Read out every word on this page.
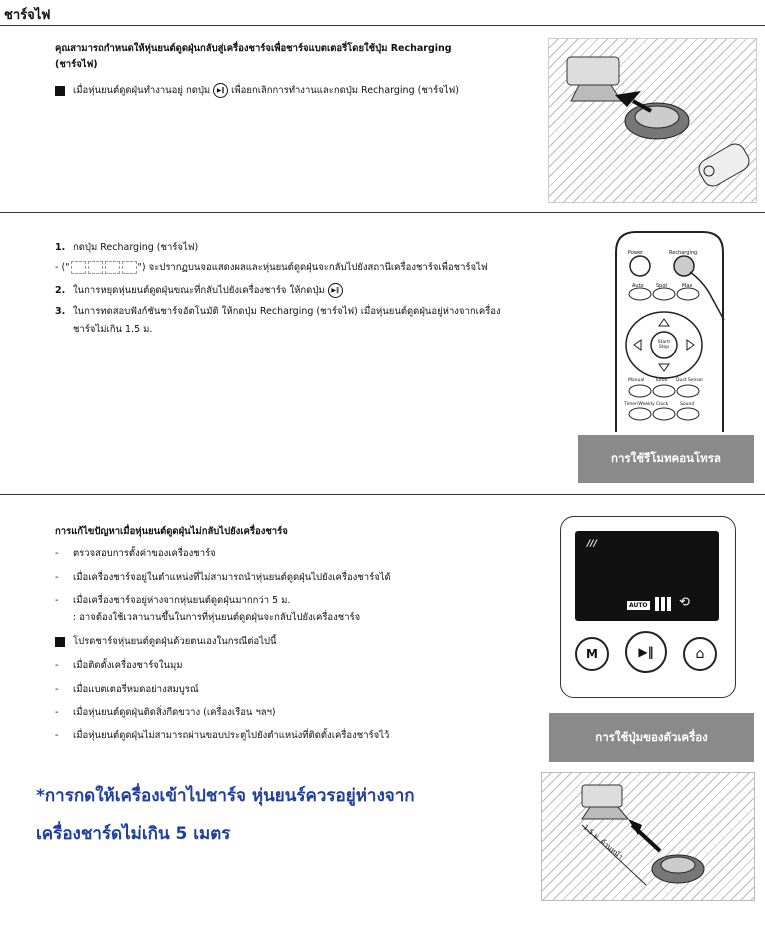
ชาร์จไฟ
คุณสามารถกำหนดให้หุ่นยนต์ดูดฝุ่นกลับสู่เครื่องชาร์จเพื่อชาร์จแบตเตอรี่โดยใช้ปุ่ม Recharging
(ชาร์จไฟ)
เมื่อหุ่นยนต์ดูดฝุ่นทำงานอยู่ กดปุ่ม ▶‖ เพื่อยกเลิกการทำงานและกดปุ่ม Recharging (ชาร์จไฟ)
1. กดปุ่ม Recharging (ชาร์จไฟ)
- ("	") จะปรากฏบนจอแสดงผลและหุ่นยนต์ดูดฝุ่นจะกลับไปยังสถานีเครื่องชาร์จเพื่อชาร์จไฟ
2. ในการหยุดหุ่นยนต์ดูดฝุ่นขณะที่กลับไปยังเครื่องชาร์จ ให้กดปุ่ม ▶‖
3. ในการทดสอบฟังก์ชันชาร์จอัตโนมัติ ให้กดปุ่ม Recharging (ชาร์จไฟ) เมื่อหุ่นยนต์ดูดฝุ่นอยู่ห่างจากเครื่อง
ชาร์จไม่เกิน 1.5 ม.
Power	Recharging
Auto Spot	Max
Start/ Stop
Manual Turbo Dust Sensor
Timer/Weekly Clock	Sound
การใช้รีโมทคอนโทรล
การแก้ไขปัญหาเมื่อหุ่นยนต์ดูดฝุ่นไม่กลับไปยังเครื่องชาร์จ
- ตรวจสอบการตั้งค่าของเครื่องชาร์จ
- เมื่อเครื่องชาร์จอยู่ในตำแหน่งที่ไม่สามารถนำหุ่นยนต์ดูดฝุ่นไปยังเครื่องชาร์จได้
- เมื่อเครื่องชาร์จอยู่ห่างจากหุ่นยนต์ดูดฝุ่นมากกว่า 5 ม.
: อาจต้องใช้เวลานานขึ้นในการที่หุ่นยนต์ดูดฝุ่นจะกลับไปยังเครื่องชาร์จ
โปรดชาร์จหุ่นยนต์ดูดฝุ่นด้วยตนเองในกรณีต่อไปนี้
- เมื่อติดตั้งเครื่องชาร์จในมุม
- เมื่อแบตเตอรี่หมดอย่างสมบูรณ์
- เมื่อหุ่นยนต์ดูดฝุ่นติดสิ่งกีดขวาง (เครื่องเรือน ฯลฯ)
- เมื่อหุ่นยนต์ดูดฝุ่นไม่สามารถผ่านขอบประตูไปยังตำแหน่งที่ติดตั้งเครื่องชาร์จไว้
///
AUTO ⟲
M	▶‖	⌂
การใช้ปุ่มของตัวเครื่อง
*การกดให้เครื่องเข้าไปชาร์จ หุ่นยนร์ควรอยู่ห่างจาก
เครื่องชาร์ดไม่เกิน 5 เมตร	1.5 ม. ด้านหน้า
